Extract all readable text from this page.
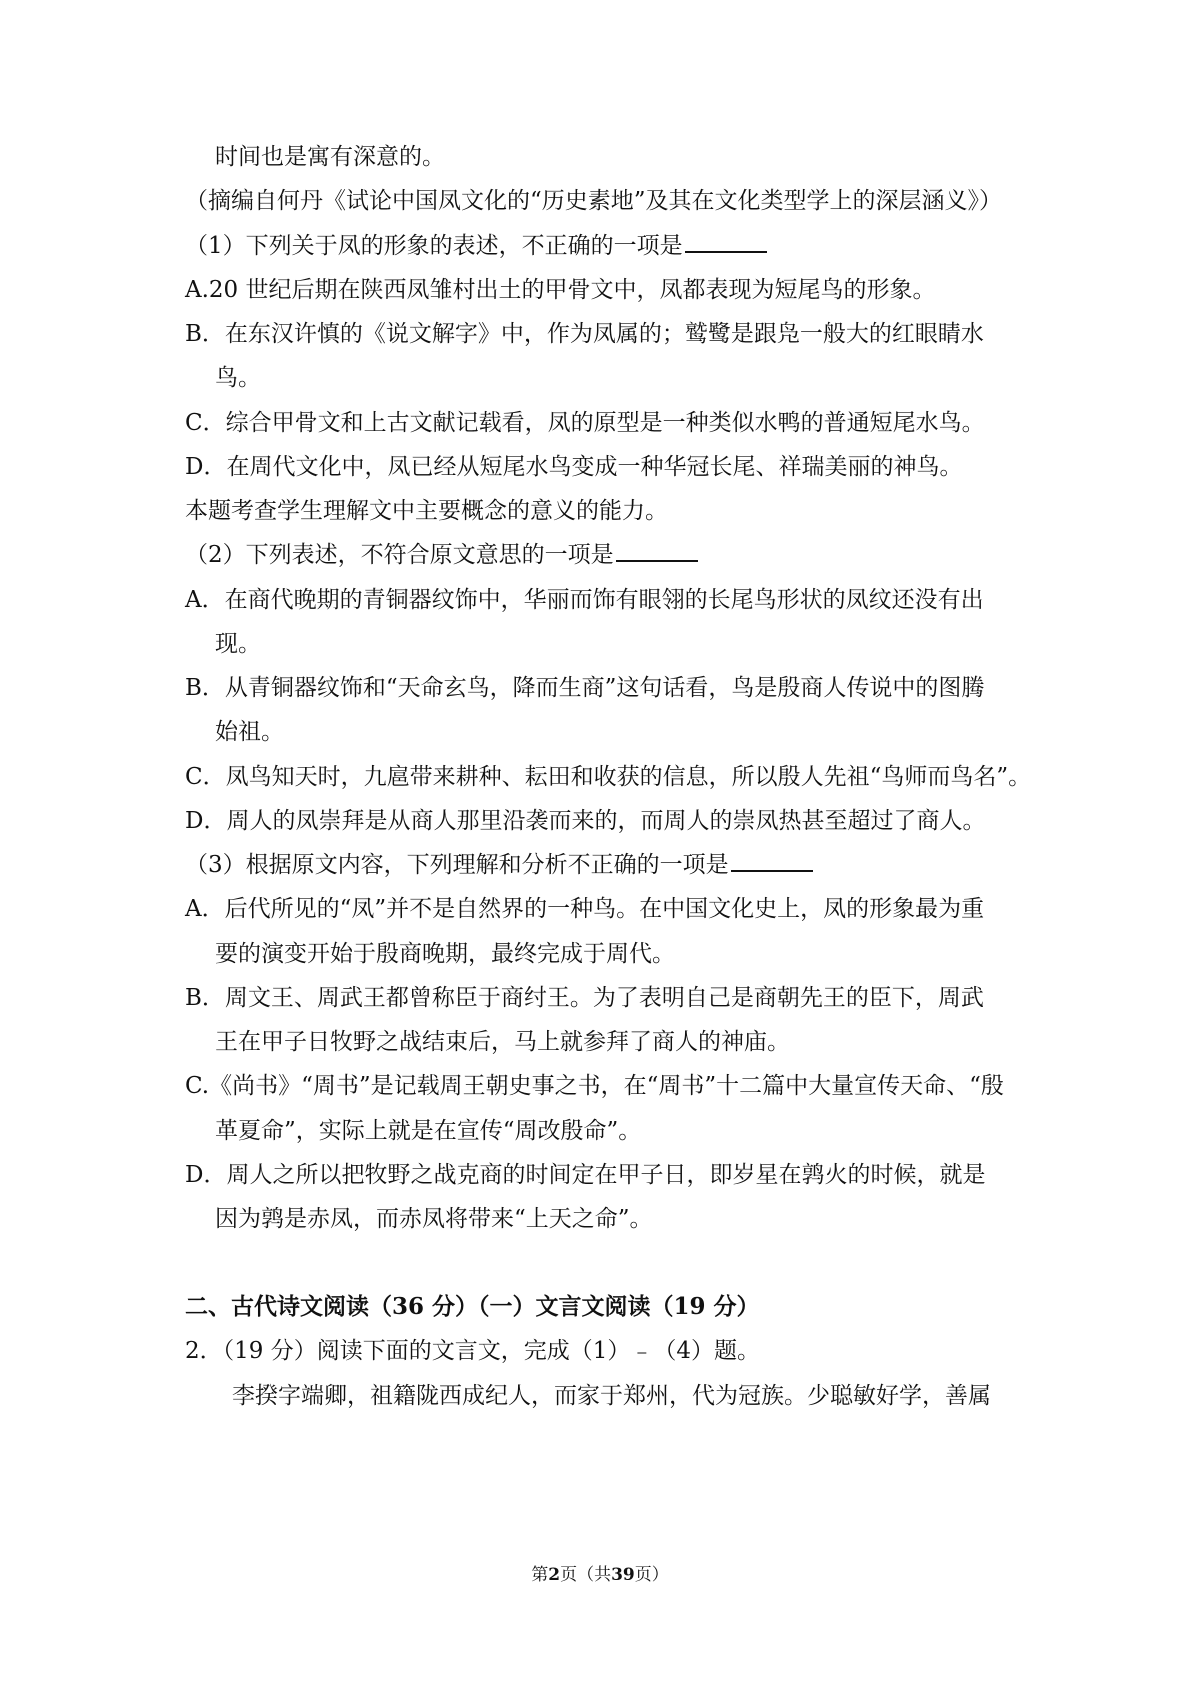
时间也是寓有深意的。
（摘编自何丹《试论中国凤文化的“历史素地”及其在文化类型学上的深层涵义》）
（1）下列关于凤的形象的表述，不正确的一项是
A.20 世纪后期在陕西凤雏村出土的甲骨文中，凤都表现为短尾鸟的形象。
B．在东汉许慎的《说文解字》中，作为凤属的；鹫鹭是跟凫一般大的红眼睛水
鸟。
C．综合甲骨文和上古文献记载看，凤的原型是一种类似水鸭的普通短尾水鸟。
D．在周代文化中，凤已经从短尾水鸟变成一种华冠长尾、祥瑞美丽的神鸟。
本题考查学生理解文中主要概念的意义的能力。
（2）下列表述，不符合原文意思的一项是
A．在商代晚期的青铜器纹饰中，华丽而饰有眼翎的长尾鸟形状的凤纹还没有出
现。
B．从青铜器纹饰和“天命玄鸟，降而生商”这句话看，鸟是殷商人传说中的图腾
始祖。
C．凤鸟知天时，九扈带来耕种、耘田和收获的信息，所以殷人先祖“鸟师而鸟名”。
D．周人的凤崇拜是从商人那里沿袭而来的，而周人的崇凤热甚至超过了商人。
（3）根据原文内容，下列理解和分析不正确的一项是
A．后代所见的“凤”并不是自然界的一种鸟。在中国文化史上，凤的形象最为重
要的演变开始于殷商晚期，最终完成于周代。
B．周文王、周武王都曾称臣于商纣王。为了表明自己是商朝先王的臣下，周武
王在甲子日牧野之战结束后，马上就参拜了商人的神庙。
C.《尚书》“周书”是记载周王朝史事之书，在“周书”十二篇中大量宣传天命、“殷
革夏命”，实际上就是在宣传“周改殷命”。
D．周人之所以把牧野之战克商的时间定在甲子日，即岁星在鹑火的时候，就是
因为鹑是赤凤，而赤凤将带来“上天之命”。
二、古代诗文阅读（36 分）（一）文言文阅读（19 分）
2．（19 分）阅读下面的文言文，完成（1）﹣（4）题。
李揆字端卿，祖籍陇西成纪人，而家于郑州，代为冠族。少聪敏好学，善属
第2页（共39页）
